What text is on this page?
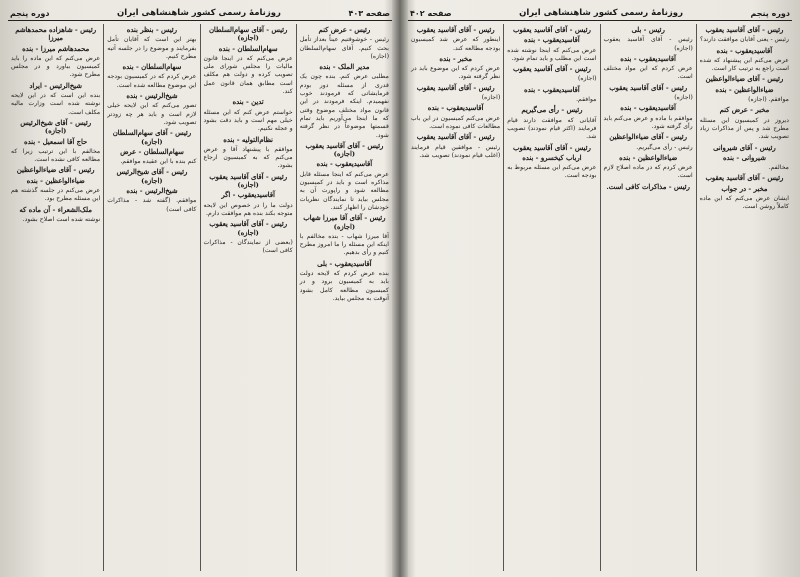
صفحه ۴۰۳
روزنامهٔ رسمی کشور شاهنشاهی ایران
دوره پنجم

رئیس - عرض کنم

رئیس - خوشوقتیم عیناً بعداز تأمل بحث کنیم. آقای سهام‌السلطان (اجازه)

مدیر الملک - بنده

مطلبی عرض کنم. بنده چون یک قدری از مسئله دور بودم فرمایشاتی که فرمودند خوب نفهمیدم. اینکه فرمودند در این قانون مواد مختلف موضوع وقتی که ما اینجا می‌آوریم باید تمام قسمتها موضوعاً در نظر گرفته شود.

رئیس - آقای آقاسید یعقوب (اجازه)

آقاسیدیعقوب - بنده

عرض می‌کنم که اینجا مسئله قابل مذاکره است و باید در کمیسیون مطالعه شود و راپورت آن به مجلس بیاید تا نمایندگان نظریات خودشان را اظهار کنند.

رئیس - آقای آقا میرزا شهاب (اجازه)

آقا میرزا شهاب - بنده مخالفم با اینکه این مسئله را ما امروز مطرح کنیم و رأی بدهیم.

آقاسیدیعقوب - بلی

بنده عرض کردم که لایحه دولت باید به کمیسیون برود و در کمیسیون مطالعه کامل بشود آنوقت به مجلس بیاید.

رئیس - آقای سهام‌السلطان (اجازه)

سهام‌السلطان - بنده

عرض می‌کنم که در اینجا قانون مالیات را مجلس شورای ملی تصویب کرده و دولت هم مکلف است مطابق همان قانون عمل کند.

تدین - بنده

خواستم عرض کنم که این مسئله خیلی مهم است و باید دقت بشود و عجله نکنیم.

نظام‌التولیه - بنده

موافقم با پیشنهاد آقا و عرض می‌کنم که به کمیسیون ارجاع بشود.

رئیس - آقای آقاسید یعقوب (اجازه)

آقاسیدیعقوب - اگر

دولت ما را در خصوص این لایحه متوجه بکند بنده هم موافقت دارم.

رئیس - آقای آقاسید یعقوب (اجازه)

(بعضی از نمایندگان - مذاکرات کافی است)

رئیس - بنظر بنده

بهتر این است که آقایان تأمل بفرمایند و موضوع را در جلسه آتیه مطرح کنیم.

سهام‌السلطان - بنده

عرض کردم که در کمیسیون بودجه این موضوع مطالعه شده است.

شیخ‌الرئیس - بنده

تصور می‌کنم که این لایحه خیلی لازم است و باید هر چه زودتر تصویب شود.

رئیس - آقای سهام‌السلطان (اجازه)

سهام‌السلطان - عرض

کنم بنده با این عقیده موافقم.

رئیس - آقای شیخ‌الرئیس (اجازه)

شیخ‌الرئیس - بنده

موافقم. (گفته شد - مذاکرات کافی است)

رئیس - شاهزاده محمدهاشم میرزا

محمدهاشم میرزا - بنده

عرض می‌کنم که این ماده را باید کمیسیون بیاورد و در مجلس مطرح شود.

شیخ‌الرئیس - ایراد

بنده این است که در این لایحه نوشته شده است وزارت مالیه مکلف است.

رئیس - آقای شیخ‌الرئیس (اجازه)

حاج آقا اسمعیل - بنده

مخالفم با این ترتیب زیرا که مطالعه کافی نشده است.

رئیس - آقای ضیاءالواعظین

ضیاءالواعظین - بنده

عرض می‌کنم در جلسه گذشته هم این مسئله مطرح بود.

ملک‌الشعراء - آن ماده که

نوشته شده است اصلاح بشود.

دوره پنجم
روزنامهٔ رسمی کشور شاهنشاهی ایران
صفحه ۴۰۲

رئیس - آقای آقاسید یعقوب

رئیس - یعنی آقایان موافقت دارند؟

آقاسیدیعقوب - بنده

عرض می‌کنم این پیشنهاد که شده است راجع به ترتیب کار است.

رئیس - آقای ضیاءالواعظین

ضیاءالواعظین - بنده

موافقم. (اجازه)

مخبر - عرض کنم

دیروز در کمیسیون این مسئله مطرح شد و پس از مذاکرات زیاد تصویب شد.

رئیس - آقای شیروانی

شیروانی - بنده

مخالفم.

رئیس - آقای آقاسید یعقوب

مخبر - در جواب

ایشان عرض می‌کنم که این ماده کاملاً روشن است.

رئیس - بلی

رئیس - آقای آقاسید یعقوب (اجازه)

آقاسیدیعقوب - بنده

عرض کردم که این مواد مختلف است.

رئیس - آقای آقاسید یعقوب

(اجازه)

آقاسیدیعقوب - بنده

موافقم با ماده و عرض می‌کنم باید رأی گرفته شود.

رئیس - آقای ضیاءالواعظین

رئیس - رأی می‌گیریم.

ضیاءالواعظین - بنده

عرض کردم که در ماده اصلاح لازم است.

رئیس - مذاکرات کافی است.

رئیس - آقای آقاسید یعقوب

آقاسیدیعقوب - بنده

عرض می‌کنم که اینجا نوشته شده است این مطلب و باید تمام شود.

رئیس - آقای آقاسید یعقوب

(اجازه)

آقاسیدیعقوب - بنده

موافقم.

رئیس - رأی می‌گیریم

آقایانی که موافقت دارند قیام فرمایند (اکثر قیام نمودند) تصویب شد.

رئیس - آقای آقاسید یعقوب

ارباب کیخسرو - بنده

عرض می‌کنم این مسئله مربوط به بودجه است.

رئیس - آقای آقاسید یعقوب

اینطور که عرض شد کمیسیون بودجه مطالعه کند.

مخبر - بنده

عرض کردم که این موضوع باید در نظر گرفته شود.

رئیس - آقای آقاسید یعقوب

(اجازه)

آقاسیدیعقوب - بنده

عرض می‌کنم کمیسیون در این باب مطالعات کافی نموده است.

رئیس - آقای آقاسید یعقوب

رئیس - موافقین قیام فرمایند (اغلب قیام نمودند) تصویب شد.
